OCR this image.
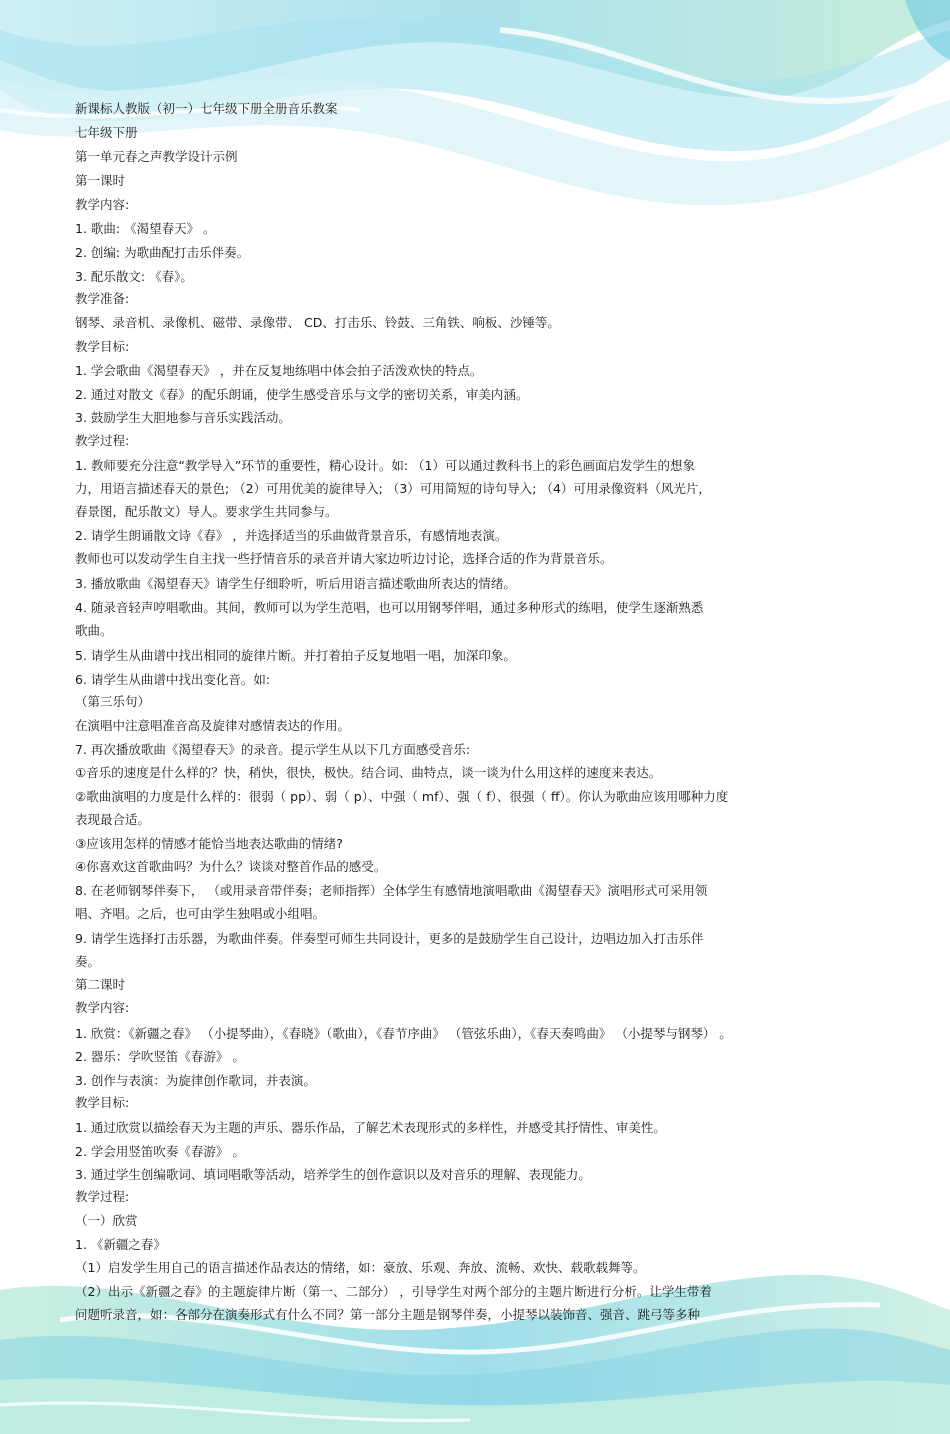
新课标人教版（初一）七年级下册全册音乐教案
七年级下册
第一单元春之声教学设计示例
第一课时
教学内容:
1. 歌曲: 《渴望春天》 。
2. 创编: 为歌曲配打击乐伴奏。
3. 配乐散文: 《春》。
教学准备:
钢琴、录音机、录像机、磁带、录像带、 CD、打击乐、铃鼓、三角铁、响板、沙锤等。
教学目标:
1. 学会歌曲《渴望春天》 ，并在反复地练唱中体会拍子活泼欢快的特点。
2. 通过对散文《春》的配乐朗诵，使学生感受音乐与文学的密切关系，审美内涵。
3. 鼓励学生大胆地参与音乐实践活动。
教学过程:
1. 教师要充分注意“教学导入”环节的重要性，精心设计。如: （1）可以通过教科书上的彩色画面启发学生的想象
力，用语言描述春天的景色; （2）可用优美的旋律导入; （3）可用简短的诗句导入; （4）可用录像资料（风光片，
春景图，配乐散文）导人。要求学生共同参与。
2. 请学生朗诵散文诗《春》 ，并选择适当的乐曲做背景音乐，有感情地表演。
教师也可以发动学生自主找一些抒情音乐的录音并请大家边听边讨论，选择合适的作为背景音乐。
3. 播放歌曲《渴望春天》请学生仔细聆听，听后用语言描述歌曲所表达的情绪。
4. 随录音轻声哼唱歌曲。其间，教师可以为学生范唱，也可以用钢琴伴唱，通过多种形式的练唱，使学生逐渐熟悉
歌曲。
5. 请学生从曲谱中找出相同的旋律片断。并打着拍子反复地唱一唱，加深印象。
6. 请学生从曲谱中找出变化音。如:
（第三乐句）
在演唱中注意唱准音高及旋律对感情表达的作用。
7. 再次播放歌曲《渴望春天》的录音。提示学生从以下几方面感受音乐:
①音乐的速度是什么样的？快，稍快，很快，极快。结合词、曲特点，谈一谈为什么用这样的速度来表达。
②歌曲演唱的力度是什么样的：很弱（ pp）、弱（ p）、中强（ mf）、强（ f）、很强（ ff）。你认为歌曲应该用哪种力度
表现最合适。
③应该用怎样的情感才能恰当地表达歌曲的情绪?
④你喜欢这首歌曲吗？为什么？谈谈对整首作品的感受。
8. 在老师钢琴伴奏下， （或用录音带伴奏；老师指挥）全体学生有感情地演唱歌曲《渴望春天》演唱形式可采用领
唱、齐唱。之后，也可由学生独唱或小组唱。
9. 请学生选择打击乐器，为歌曲伴奏。伴奏型可师生共同设计，更多的是鼓励学生自己设计，边唱边加入打击乐伴
奏。
第二课时
教学内容:
1. 欣赏：《新疆之春》 （小提琴曲），《春晓》（歌曲），《春节序曲》 （管弦乐曲），《春天奏鸣曲》 （小提琴与钢琴） 。
2. 器乐：学吹竖笛《春游》 。
3. 创作与表演：为旋律创作歌词，并表演。
教学目标:
1. 通过欣赏以描绘春天为主题的声乐、器乐作品，了解艺术表现形式的多样性，并感受其抒情性、审美性。
2. 学会用竖笛吹奏《春游》 。
3. 通过学生创编歌词、填词唱歌等活动，培养学生的创作意识以及对音乐的理解、表现能力。
教学过程:
（一）欣赏
1. 《新疆之春》
（1）启发学生用自己的语言描述作品表达的情绪，如：豪放、乐观、奔放、流畅、欢快、载歌载舞等。
（2）出示《新疆之春》的主题旋律片断（第一、二部分） ，引导学生对两个部分的主题片断进行分析。让学生带着
问题听录音，如：各部分在演奏形式有什么不同？第一部分主题是钢琴伴奏，小提琴以装饰音、强音、跳弓等多种
